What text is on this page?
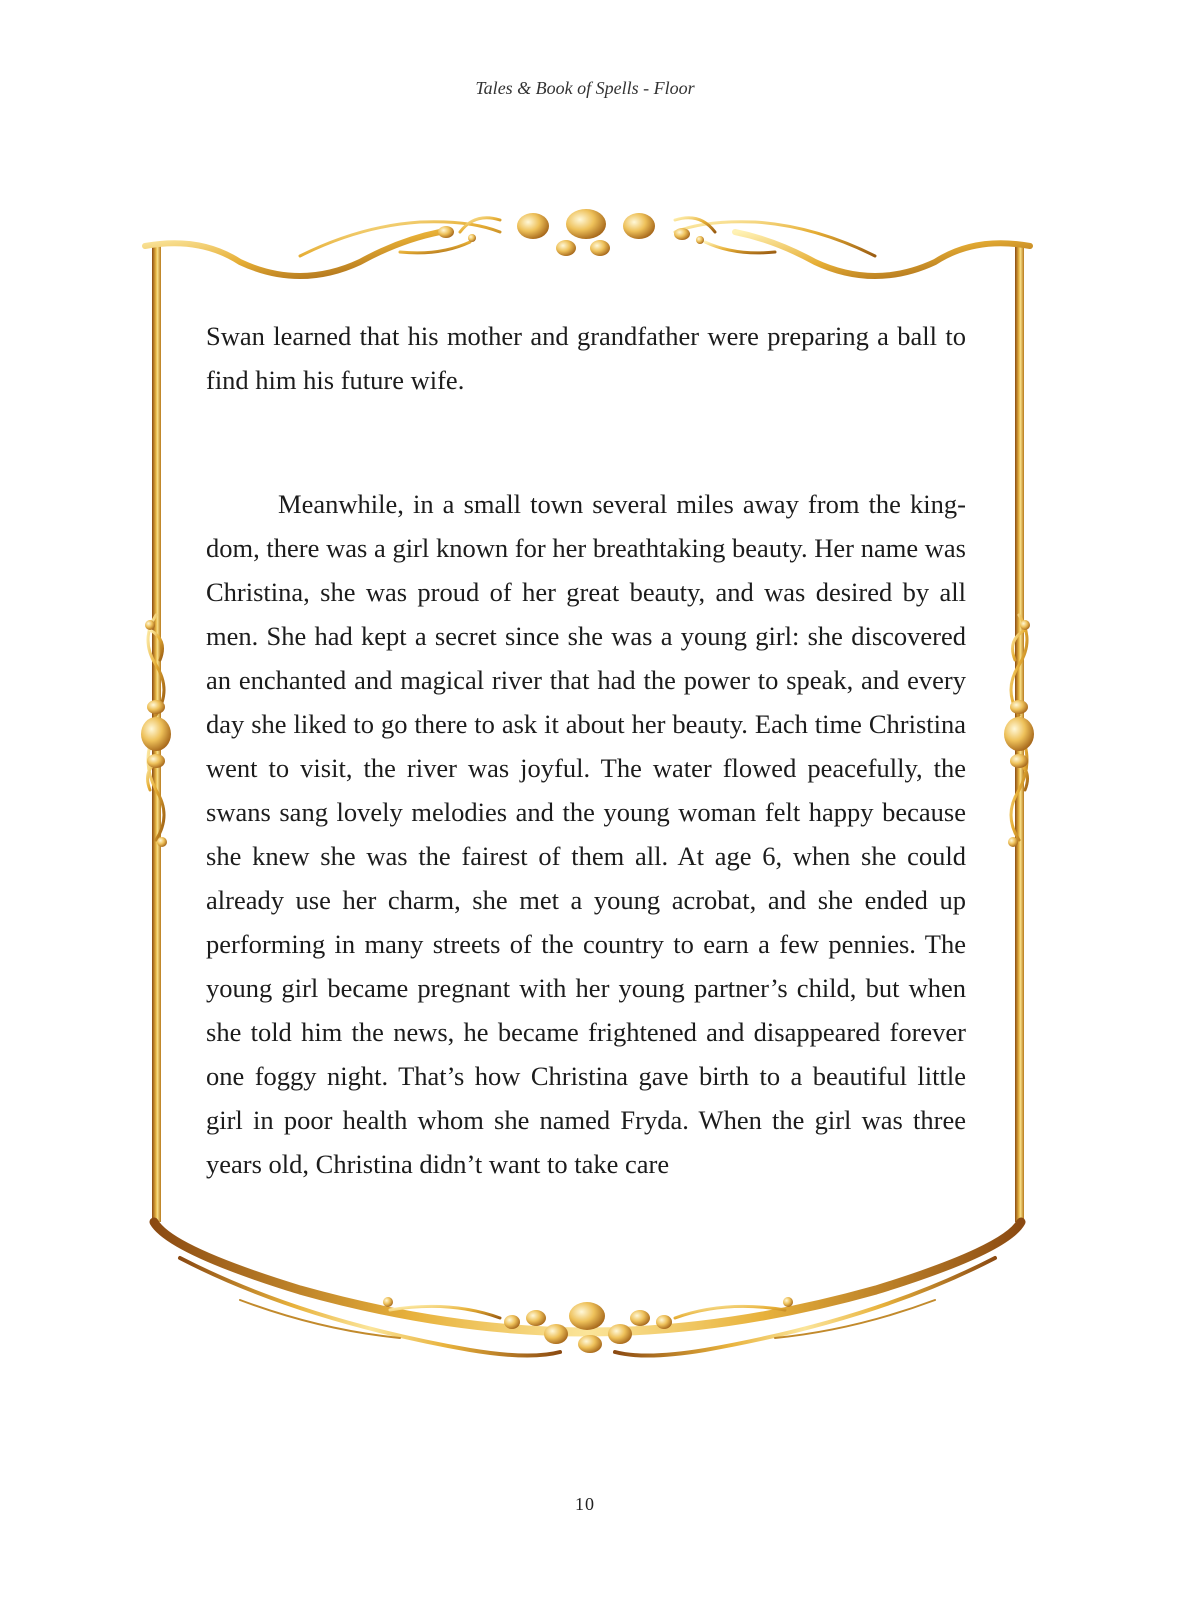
Tales & Book of Spells - Floor

Swan learned that his mother and grandfather were preparing a ball to find him his future wife.

Meanwhile, in a small town several miles away from the kingdom, there was a girl known for her breathtaking beauty. Her name was Christina, she was proud of her great beauty, and was desired by all men. She had kept a secret since she was a young girl: she discovered an enchanted and magical river that had the power to speak, and every day she liked to go there to ask it about her beauty. Each time Christina went to visit, the river was joyful. The water flowed peacefully, the swans sang lovely melodies and the young woman felt happy because she knew she was the fairest of them all. At age 6, when she could already use her charm, she met a young acrobat, and she ended up performing in many streets of the country to earn a few pennies. The young girl became pregnant with her young partner’s child, but when she told him the news, he became frightened and disappeared forever one foggy night. That’s how Christina gave birth to a beautiful little girl in poor health whom she named Fryda. When the girl was three years old, Christina didn’t want to take care

10
